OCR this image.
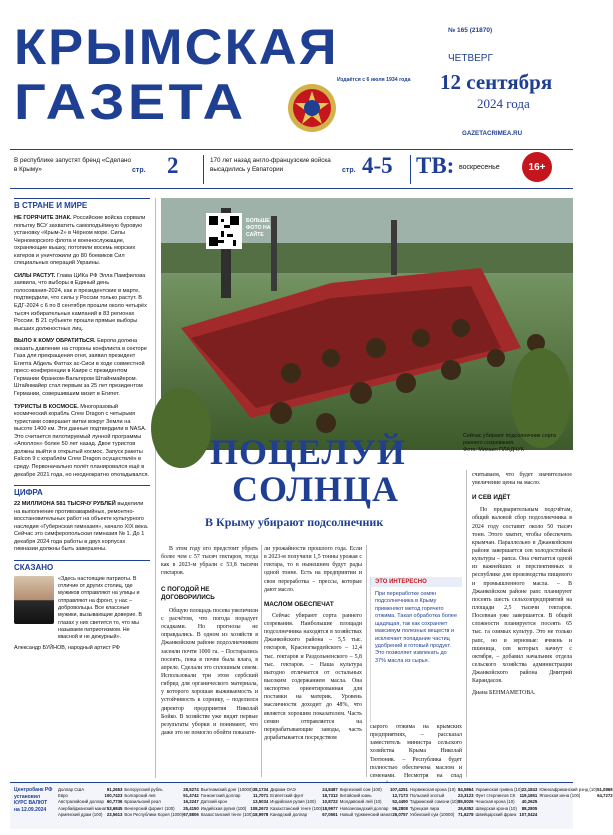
КРЫМСКАЯ
ГАЗЕТА	Издаётся с 6 июля 1934 года
№ 165 (21870)
ЧЕТВЕРГ
12 сентября
2024 года
GAZETACRIMEA.RU
В республике запустят бренд «Сделано в Крыму»	стр. 2	170 лет назад англо-французские войска высадились у Евпатории	стр. 4-5 ТВ: воскресенье	16+
В СТРАНЕ И МИРЕ

НЕ ГОРЯЧИТЕ ЗНАК. Российские войска сорвали попытку ВСУ захватить самоподъёмную буровую установку «Крым-2» в Чёрном море. Силы Черноморского флота и военнослужащие, охраняющие вышку, потопили восемь морских катеров и уничтожили до 80 боевиков Сил специальных операций Украины.

СИЛЫ РАСТУТ. Глава ЦИКа РФ Элла Памфилова заявила, что выборы в Единый день голосования-2024, как и президентские в марте, подтвердили, что силы у России только растут. В ЕДГ-2024 с 6 по 8 сентября прошли около четырёх тысяч избирательных кампаний в 83 регионах России. В 21 субъекте прошли прямые выборы высших должностных лиц.

ВЫЛО К КОМУ ОБРАТИТЬСЯ. Европа должна оказать давление на стороны конфликта в секторе Газа для прекращения огня, заявил президент Египта Абдель Фаттах ас-Сиси в ходе совместной пресс-конференции в Каире с президентом Германии Франком-Вальтером Штайнмайером. Штайнмайер стал первым за 25 лет президентом Германии, совершившим визит в Египет.

ТУРИСТЫ В КОСМОСЕ. Многоразовый космический корабль Crew Dragon с четырьмя туристами совершает витки вокруг Земли на высоте 1400 км. Эти данные подтвердили в NASA. Это считается пилотируемый лунной программы «Аполлон» более 50 лет назад. Двое туристов должны выйти в открытый космос. Запуск ракеты Falcon 9 с кораблём Crew Dragon осуществлён в среду. Первоначально полёт планировался ещё в декабре 2021 года, но неоднократно откладывался.

ЦИФРА

22 МИЛЛИОНА 581 ТЫСЯЧУ РУБЛЕЙ выделили на выполнение противоаварийных, ремонтно-восстановительных работ на объекте культурного наследия «Губернская гимназия», начало XIX века. Сейчас это симферопольская гимназия № 1. До 1 декабря 2024 года работы в двух корпусах гимназии должны быть завершены.

СКАЗАНО

«Здесь настоящие патриоты. В отличие от других столиц, где мужиков отправляют на улицы и отправляют на фронт, у нас – добровольцы. Все классные мужики, вызывающие доверие. В глазах у них светится то, что мы называем патриотизмом. Не квасной и не дежурный».

Александр БУЙНОВ, народный артист РФ

БОЛЬШЕ ФОТО НА САЙТЕ
Сейчас убирают подсолнечник сорта раннего созревания.
Фото: Михаил ПЛАДЧУК
ПОЦЕЛУЙ
СОЛНЦА
В Крыму убирают подсолнечник

В этом году его предстоит убрать более чем с 57 тысяч гектаров, тогда как в 2023-м убрали с 53,8 тысячи гектаров.

С ПОГОДОЙ НЕ ДОГОВОРИЛИСЬ

Общую площадь посева увеличили с расчётом, что погода порадует осадками. Но прогнозы не оправдались. В одном из хозяйств в Джанкойском районе подсолнечником засеяли почти 1000 га. – Постарались посеять, пока в почве была влага, в апреле. Сделали это сплошным севом. Использовали три этом сербский гибрид для органического материала, у которого хорошая выживаемость и устойчивость к сорнику, – поделился директор предприятия Николай Бойко. В хозяйстве уже видят первые результаты уборки и понимают, что даже это не помогло обойти показате-

ли урожайности прошлого года. Если в 2023-м получили 1,5 тонны урожая с гектара, то в нынешнем будут рады одной тонне. Есть на предприятии и своя переработка – прессы, которые дают масло.

МАСЛОМ ОБЕСПЕЧАТ

Сейчас убирают сорта раннего созревания. Наибольшие площади подсолнечника находятся в хозяйствах Джанкойского района – 5,5 тыс. гектаров, Красногвардейского – 12,4 тыс. гектаров и Раздольненского – 5,8 тыс. гектаров. – Наша культура выгодно отличается от остальных высоким содержанием масла. Она экспортно ориентированная для поставки на материк. Уровень масличности доходит до 48%, что является хорошим показателем. Часть семян отправляется на перерабатывающие заводы, часть дорабатывается посредством

ЭТО ИНТЕРЕСНО

При переработке семян подсолнечника в Крыму применяют метод горячего отжима. Такая обработка более щадящая, так как сохраняет максимум полезных веществ и исключает попадание частиц удобрений в готовый продукт. Это позволяет извлекать до 37% масла из сырья.

сырого отжима на крымских предприятиях, – рассказал заместитель министра сельского хозяйства Крыма Николай Тютюник. – Республика будет полностью обеспечена маслом и семенами. Несмотря на спад

считываем, что будет значительное увеличение цены на масло.

И СЕВ ИДЁТ

По предварительным подсчётам, общий валовой сбор подсолнечника в 2024 году составит около 50 тысяч тонн. Этого хватит, чтобы обеспечить крымчан. Параллельно в Джанкойском районе завершается сев холодостойкой культуры – рапса. Она считается одной из важнейших и перспективных в республике для производства пищевого и промышленного масла. – В Джанкойском районе рапс планируют посеять шесть сельхозпредприятий на площади 2,5 тысячи гектаров. Посевная уже завершается. В общей сложности планируется посеять 65 тыс. га озимых культур. Это не только рапс, но и зерновые: ячмень и пшеница, сев которых начнут с октября, – добавил начальник отдела сельского хозяйства администрации Джанкойского района Дмитрий Караидасов.

Диана БЕНМАМЕТОВА.

Центробанк РФ
установил
КУРС ВАЛЮТ
на 12.09.2024
Доллар США	91,2653
Евро	100,7423
Австралийский доллар 60,7736
Азербайджанский манат 53,6845
Армянский драм (100) 23,5613
Белорусский рубль	28,5274
Болгарский лев	51,4742
Бразильский реал	16,2247
Венгерский форинт (100) 25,4150
Вон Республики Корея (1000) 67,8806
Вьетнамский донг (10000) 38,1734
Гонконгский доллар	11,7071
Датский крон	13,5034
Индийская рупия (100) 108,2672
Казахстанский тенге (100) 18,9978
Дирхам ОАЭ	24,8487
Египетский фунт	18,7312
Индийская рупия (100) 10,8722
Казахстанский тенге (100) 18,9977
Канадский доллар	67,0661
Киргизский сом (100) 107,4251
Китайский юань	12,7173
Молдавский лей (10)	52,4490
Новозеландский доллар 56,2808
Новый туркменский манат 26,0757
Норвежская крона (10) 84,5864
Польский злотый	23,3123
Таджикский сомони (10) 85,5026
Турецкая лира	26,6352
Узбекский сум (10000) 71,6278
Украинская гривна (10) 22,1843
Фунт стерлингов СК 119,1651
Чешская крона (10) 40,2625
Шведская крона (10) 88,2805
Швейцарский франк 107,0424
Южноафриканский рэнд (10) 51,0868
Японская иена (100)	64,7272
